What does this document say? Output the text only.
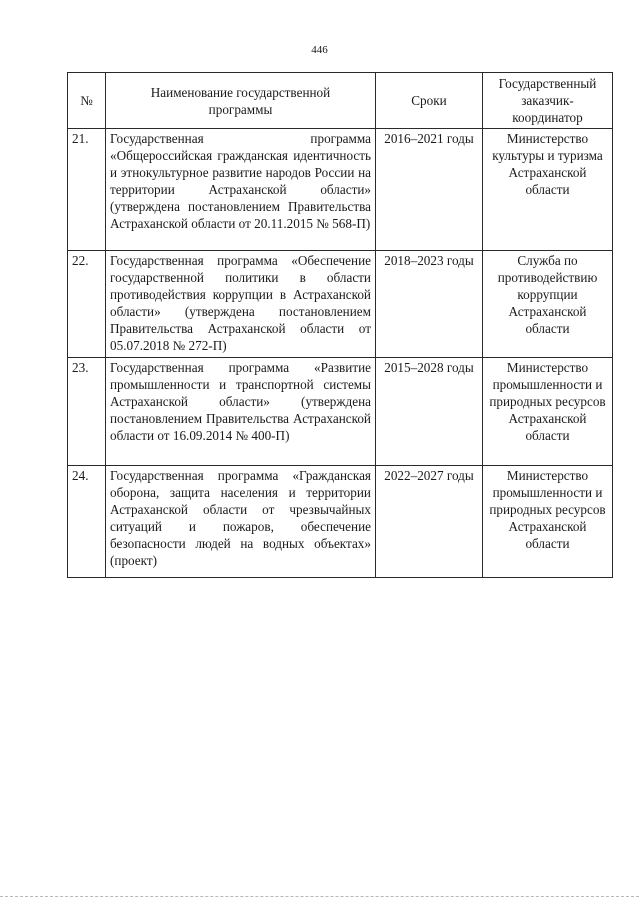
446
№	Наименование государственной программы	Сроки	Государственный заказчик-координатор
21.	Государственная программа «Общероссийская гражданская идентичность и этнокультурное развитие народов России на территории Астраханской области» (утверждена постановлением Правительства Астраханской области от 20.11.2015 № 568-П)	2016–2021 годы	Министерство культуры и туризма Астраханской области
22.	Государственная программа «Обеспечение государственной политики в области противодействия коррупции в Астраханской области» (утверждена постановлением Правительства Астраханской области от 05.07.2018 № 272-П)	2018–2023 годы	Служба по противодействию коррупции Астраханской области
23.	Государственная программа «Развитие промышленности и транспортной системы Астраханской области» (утверждена постановлением Правительства Астраханской области от 16.09.2014 № 400-П)	2015–2028 годы	Министерство промышленности и природных ресурсов Астраханской области
24.	Государственная программа «Гражданская оборона, защита населения и территории Астраханской области от чрезвычайных ситуаций и пожаров, обеспечение безопасности людей на водных объектах» (проект)	2022–2027 годы	Министерство промышленности и природных ресурсов Астраханской области
